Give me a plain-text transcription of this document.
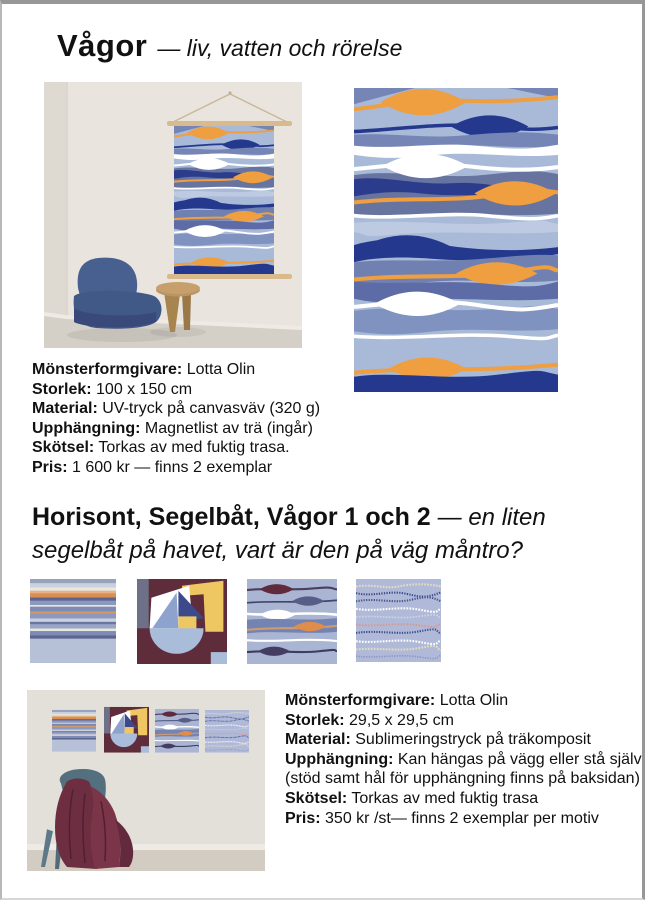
Vågor — liv, vatten och rörelse

Mönsterformgivare: Lotta Olin

Storlek: 100 x 150 cm

Material: UV-tryck på canvasväv (320 g)

Upphängning: Magnetlist av trä (ingår)

Skötsel: Torkas av med fuktig trasa.

Pris: 1 600 kr — finns 2 exemplar

Horisont, Segelbåt, Vågor 1 och 2 — en liten segelbåt på havet, vart är den på väg måntro?

Mönsterformgivare: Lotta Olin

Storlek: 29,5 x 29,5 cm

Material: Sublimeringstryck på träkomposit

Upphängning: Kan hängas på vägg eller stå själv (stöd samt hål för upphängning finns på baksidan)

Skötsel: Torkas av med fuktig trasa

Pris: 350 kr /st— finns 2 exemplar per motiv
